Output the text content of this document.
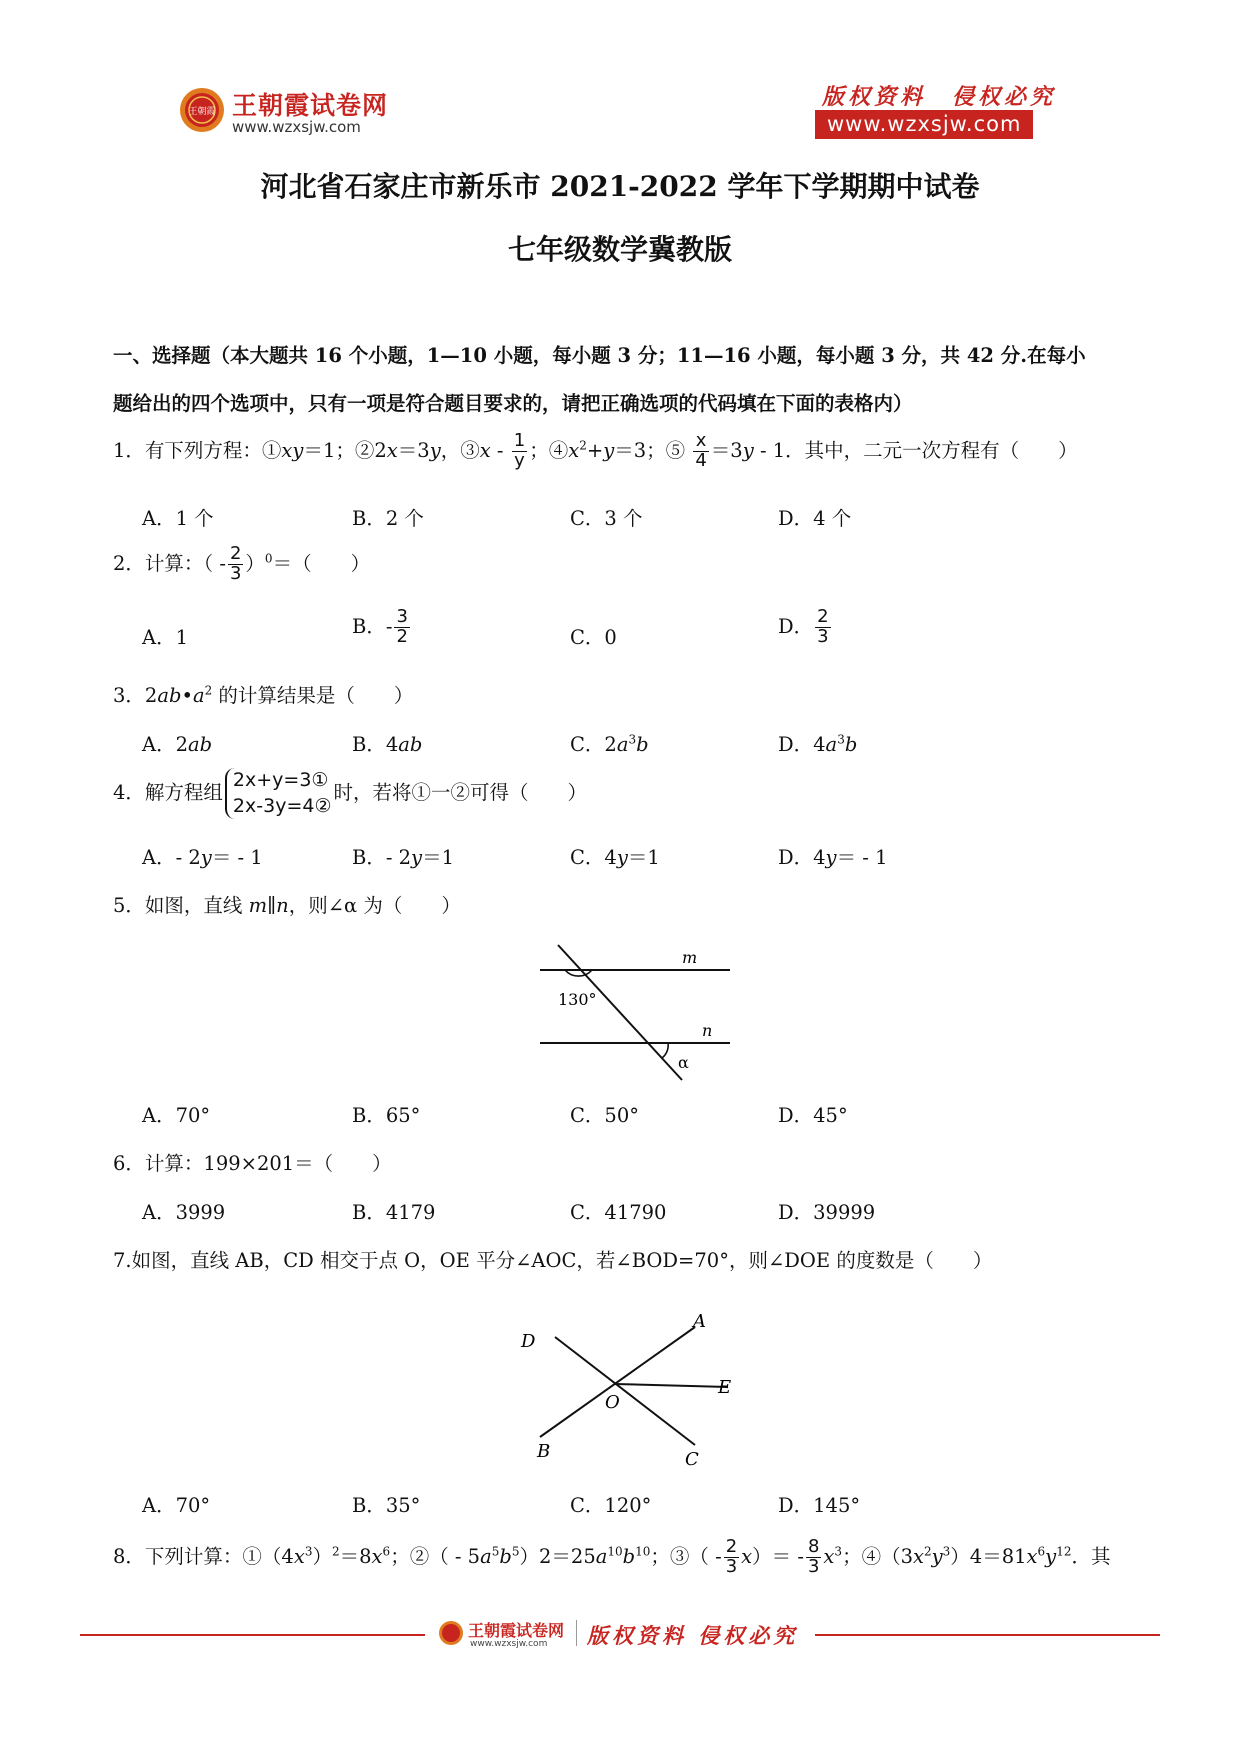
王朝霞 王朝霞试卷网
www.wzxsjw.com
版权资料　侵权必究
www.wzxsjw.com
河北省石家庄市新乐市 2021-2022 学年下学期期中试卷
七年级数学冀教版
一、选择题（本大题共 16 个小题，1—10 小题，每小题 3 分；11—16 小题，每小题 3 分，共 42 分.在每小
题给出的四个选项中，只有一项是符合题目要求的，请把正确选项的代码填在下面的表格内）
1．有下列方程：①xy＝1；②2x＝3y，③x - $\frac{1}{y}$ ；$④x^2+y=3$；⑤ $\frac{x}{4} =3y - 1$．其中，二元一次方程有（　　）
A．1 个	B．2 个	C．3 个	D．4 个
2．计算：（ - $\frac{2}{3} )^0=$（　　）
A．1	B．- $\frac{3}{2}$	C．0	D． $\frac{2}{3}$
3．$2ab•a^2$ 的计算结果是（　　）
A．2ab	B．4ab	C．$2a^3b$	D．$4a^3b$
4．解方程组
2x+y=3①
2x-3y=4②
时，若将①一②可得（　　）
A．- 2y＝ - 1	B．- 2y＝1	C．4y＝1	D．4y＝ - 1
5．如图，直线 m∥n，则∠α 为（　　）
m
n
130°
α
A．70°	B．65°	C．50°	D．45°
6．计算：199×201＝（　　）
A．3999	B．4179	C．41790	D．39999
7.如图，直线 AB，CD 相交于点 O，OE 平分∠AOC，若∠BOD=70°，则∠DOE 的度数是（　　）
A
B	C
D
E
O
A．70°	B．35°	C．120°	D．145°
8．下列计算：$①(4x^3)^2=8x^6$；②（ - $5a^5b^5)2=25a^{10}b^{10}$；③（ - $\frac{2}{3} x)= - \frac{8}{3} x^3$；$④(3x^2y^3)4=81x^6y^{12}$．其
王朝霞试卷网
www.wzxsjw.com 版权资料 侵权必究
